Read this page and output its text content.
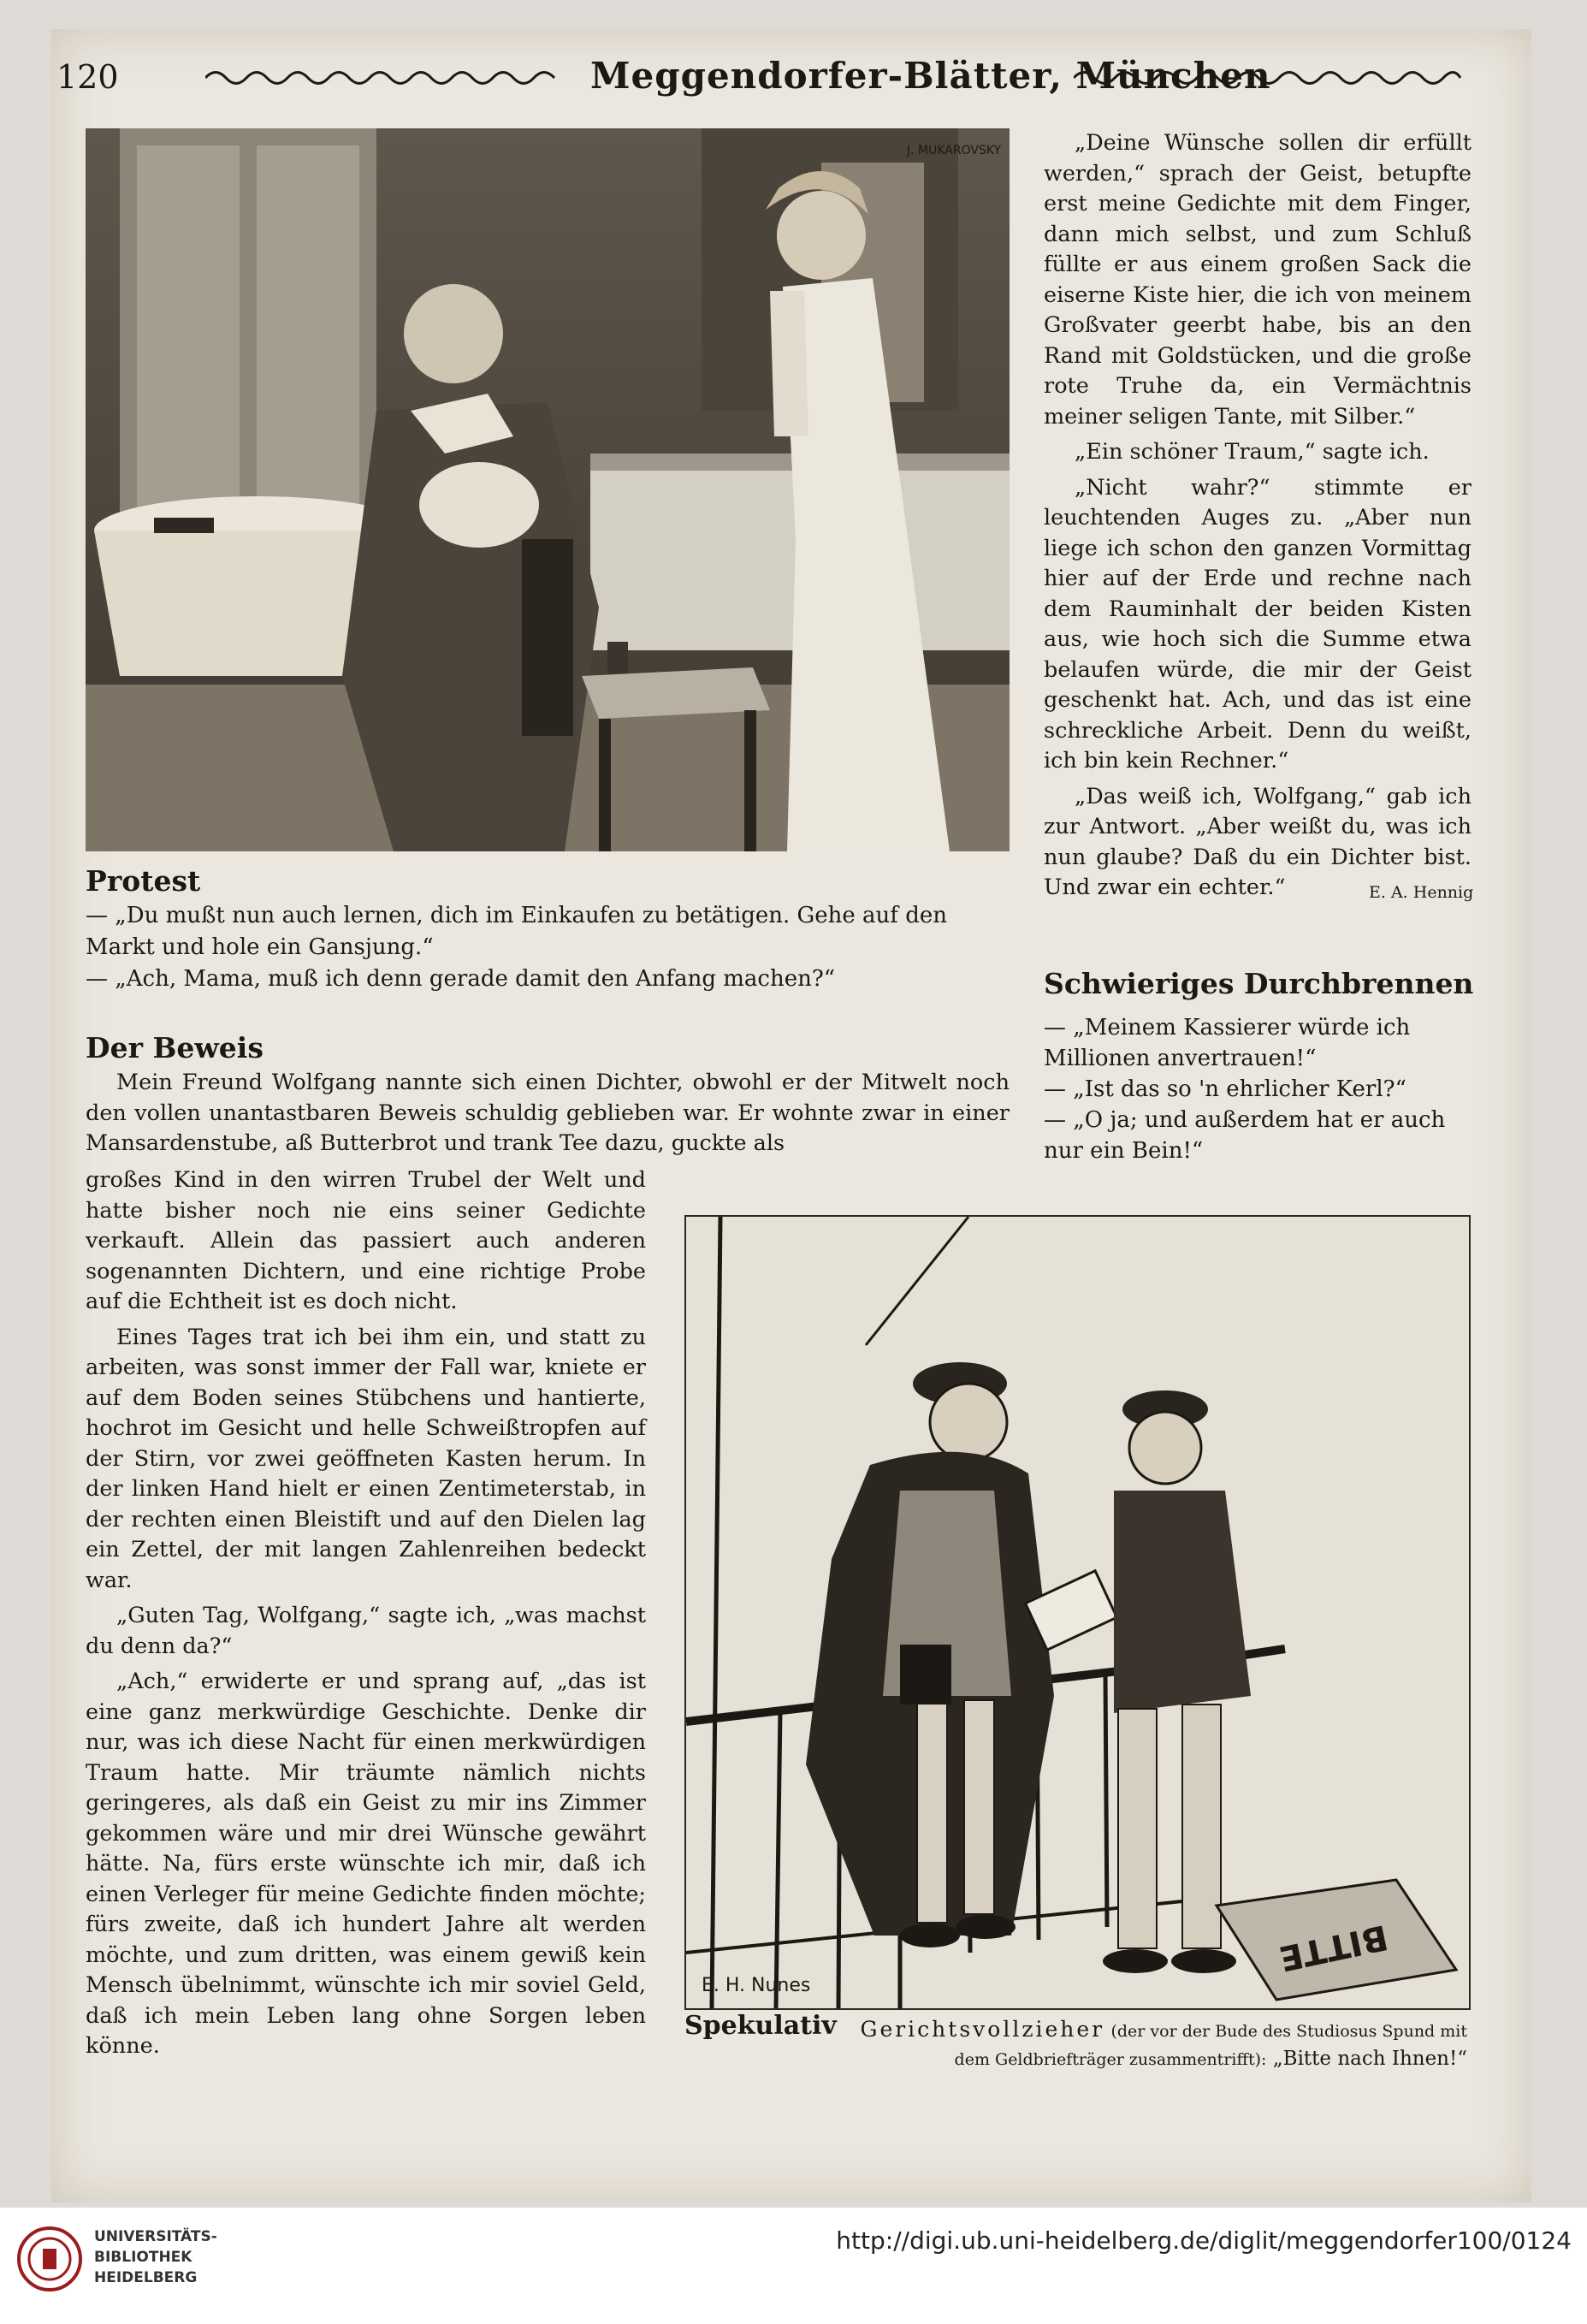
120	Meggendorfer-Blätter, München
J. MUKAROVSKY
Protest
— „Du mußt nun auch lernen, dich im Einkaufen zu betätigen. Gehe auf den Markt und hole ein Gansjung.“
— „Ach, Mama, muß ich denn gerade damit den Anfang machen?“
Der Beweis

Mein Freund Wolfgang nannte sich einen Dichter, obwohl er der Mitwelt noch den vollen unantastbaren Beweis schuldig geblieben war. Er wohnte zwar in einer Mansardenstube, aß Butterbrot und trank Tee dazu, guckte als

großes Kind in den wirren Trubel der Welt und hatte bisher noch nie eins seiner Gedichte verkauft. Allein das passiert auch anderen sogenannten Dichtern, und eine richtige Probe auf die Echtheit ist es doch nicht.

Eines Tages trat ich bei ihm ein, und statt zu arbeiten, was sonst immer der Fall war, kniete er auf dem Boden seines Stübchens und hantierte, hochrot im Gesicht und helle Schweißtropfen auf der Stirn, vor zwei geöffneten Kasten herum. In der linken Hand hielt er einen Zentimeterstab, in der rechten einen Bleistift und auf den Dielen lag ein Zettel, der mit langen Zahlenreihen bedeckt war.

„Guten Tag, Wolfgang,“ sagte ich, „was machst du denn da?“

„Ach,“ erwiderte er und sprang auf, „das ist eine ganz merkwürdige Geschichte. Denke dir nur, was ich diese Nacht für einen merkwürdigen Traum hatte. Mir träumte nämlich nichts geringeres, als daß ein Geist zu mir ins Zimmer gekommen wäre und mir drei Wünsche gewährt hätte. Na, fürs erste wünschte ich mir, daß ich einen Verleger für meine Gedichte finden möchte; fürs zweite, daß ich hundert Jahre alt werden möchte, und zum dritten, was einem gewiß kein Mensch übelnimmt, wünschte ich mir soviel Geld, daß ich mein Leben lang ohne Sorgen leben könne.

„Deine Wünsche sollen dir erfüllt werden,“ sprach der Geist, betupfte erst meine Gedichte mit dem Finger, dann mich selbst, und zum Schluß füllte er aus einem großen Sack die eiserne Kiste hier, die ich von meinem Großvater geerbt habe, bis an den Rand mit Goldstücken, und die große rote Truhe da, ein Vermächtnis meiner seligen Tante, mit Silber.“

„Ein schöner Traum,“ sagte ich.

„Nicht wahr?“ stimmte er leuchtenden Auges zu. „Aber nun liege ich schon den ganzen Vormittag hier auf der Erde und rechne nach dem Rauminhalt der beiden Kisten aus, wie hoch sich die Summe etwa belaufen würde, die mir der Geist geschenkt hat. Ach, und das ist eine schreckliche Arbeit. Denn du weißt, ich bin kein Rechner.“

„Das weiß ich, Wolfgang,“ gab ich zur Antwort. „Aber weißt du, was ich nun glaube? Daß du ein Dichter bist. Und zwar ein echter.“	E. A. Hennig
Schwieriges Durchbrennen
— „Meinem Kassierer würde ich Millionen anvertrauen!“
— „Ist das so 'n ehrlicher Kerl?“
— „O ja; und außerdem hat er auch nur ein Bein!“
BITTE
E. H. Nunes
Spekulativ Gerichtsvollzieher (der vor der Bude des Studiosus Spund mit dem Geldbriefträger zusammentrifft): „Bitte nach Ihnen!“
UNIVERSITÄTS-
BIBLIOTHEK
HEIDELBERG
http://digi.ub.uni-heidelberg.de/diglit/meggendorfer100/0124
